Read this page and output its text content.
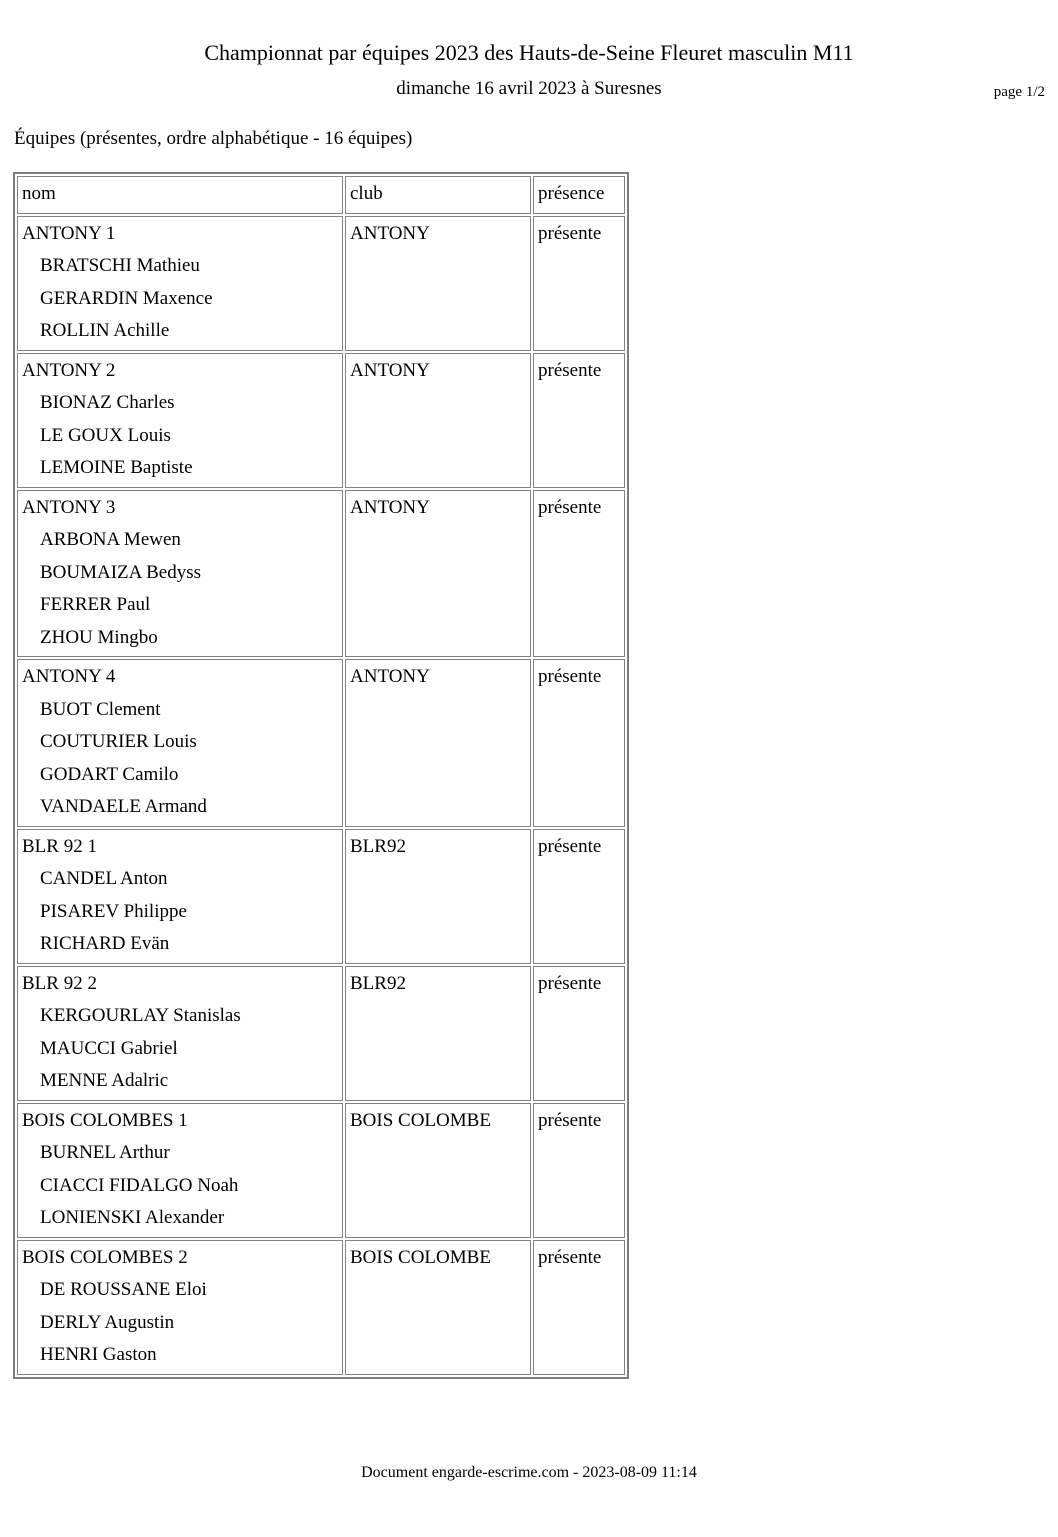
Championnat par équipes 2023 des Hauts-de-Seine Fleuret masculin M11
page 1/2
dimanche 16 avril 2023 à Suresnes
Équipes (présentes, ordre alphabétique - 16 équipes)
nom	club	présence

ANTONY 1
BRATSCHI Mathieu
GERARDIN Maxence
ROLLIN Achille	ANTONY	présente

ANTONY 2
BIONAZ Charles
LE GOUX Louis
LEMOINE Baptiste	ANTONY	présente

ANTONY 3
ARBONA Mewen
BOUMAIZA Bedyss
FERRER Paul
ZHOU Mingbo	ANTONY	présente

ANTONY 4
BUOT Clement
COUTURIER Louis
GODART Camilo
VANDAELE Armand	ANTONY	présente

BLR 92 1
CANDEL Anton
PISAREV Philippe
RICHARD Evän	BLR92	présente

BLR 92 2
KERGOURLAY Stanislas
MAUCCI Gabriel
MENNE Adalric	BLR92	présente

BOIS COLOMBES 1
BURNEL Arthur
CIACCI FIDALGO Noah
LONIENSKI Alexander	BOIS COLOMBE	présente

BOIS COLOMBES 2
DE ROUSSANE Eloi
DERLY Augustin
HENRI Gaston	BOIS COLOMBE	présente
Document engarde-escrime.com - 2023-08-09 11:14
